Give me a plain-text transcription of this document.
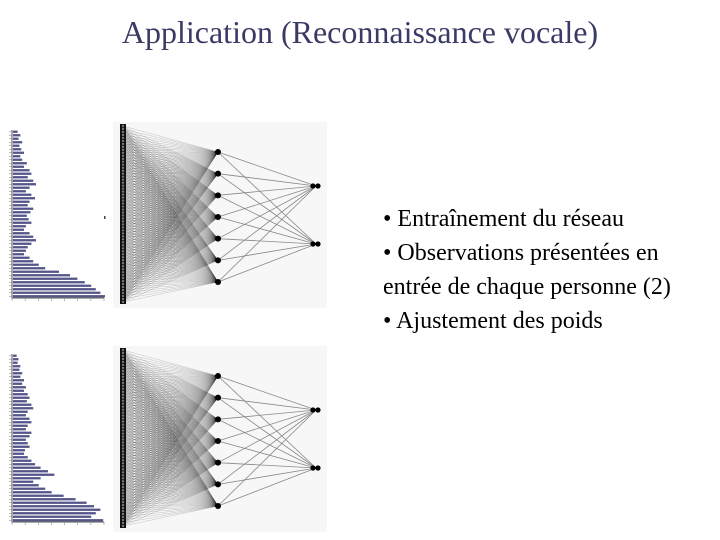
Application (Reconnaissance vocale)
• Entraînement du réseau
• Observations présentées en
entrée de chaque personne (2)
• Ajustement des poids
